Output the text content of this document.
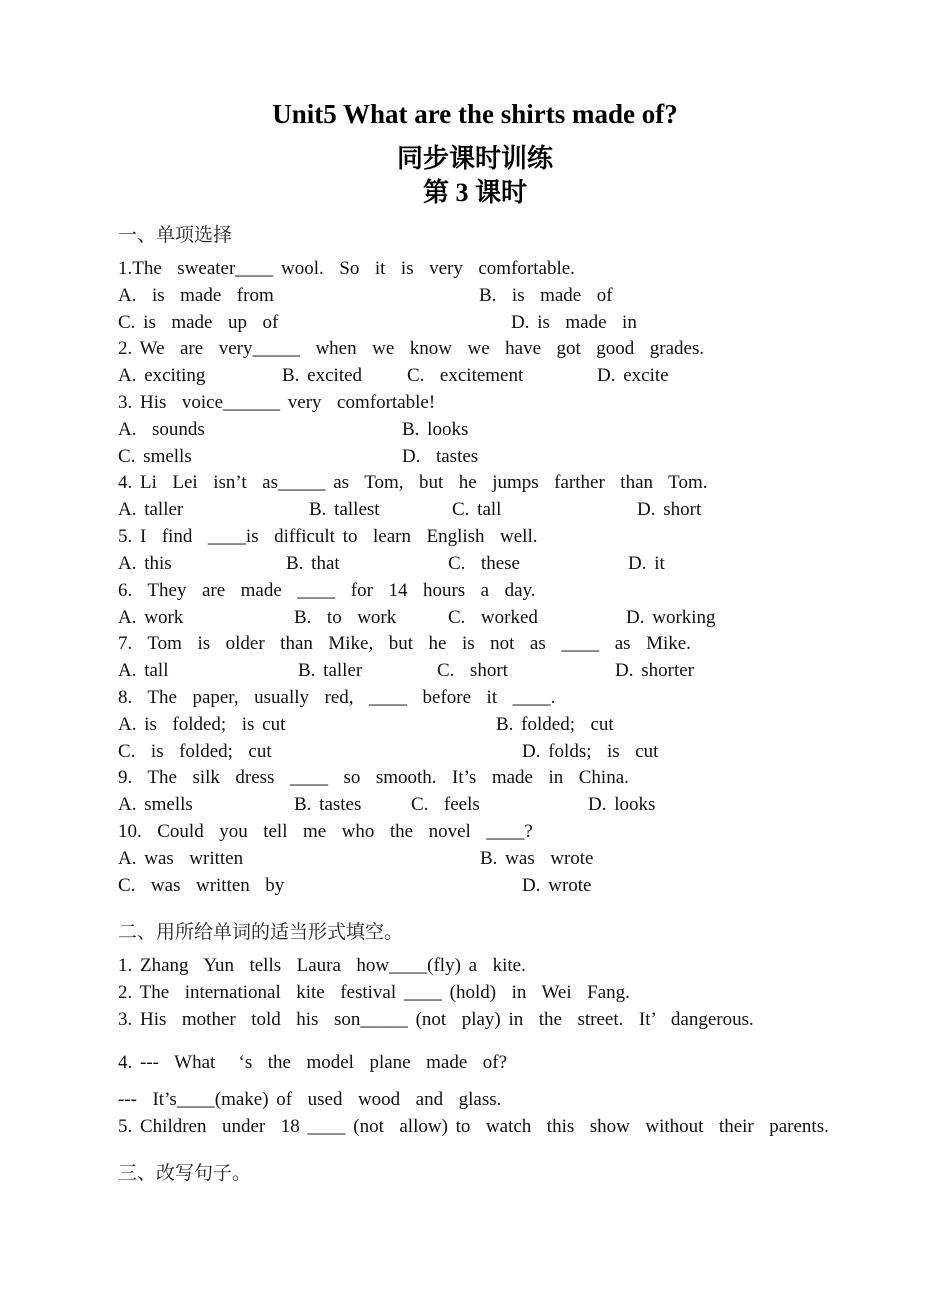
Unit5 What are the shirts made of?
同步课时训练
第 3 课时
一、单项选择
1.The  sweater____ wool.  So  it  is  very  comfortable.
A.  is  made  from	B.  is  made  of
C. is  made  up  of	D. is  made  in
2. We  are  very_____  when  we  know  we  have  got  good  grades.
A. exciting	B. excited C.  excitement	D. excite
3. His  voice______ very  comfortable!
A.  sounds	B. looks
C. smells	D.  tastes
4. Li  Lei  isn’t  as_____ as  Tom,  but  he  jumps  farther  than  Tom.
A. taller	B. tallest	C. tall	D. short
5. I  find  ____is  difficult to  learn  English  well.
A. this	B. that	C.  these	D. it
6.  They  are  made  ____  for  14  hours  a  day.
A. work	B.  to  work	C.  worked	D. working
7.  Tom  is  older  than  Mike,  but  he  is  not  as  ____  as  Mike.
A. tall	B. taller	C.  short	D. shorter
8.  The  paper,  usually  red,  ____  before  it  ____.
A. is  folded;  is cut	B. folded;  cut
C.  is  folded;  cut	D. folds;  is  cut
9.  The  silk  dress  ____  so  smooth.  It’s  made  in  China.
A. smells	B. tastes	C.  feels	D. looks
10.  Could  you  tell  me  who  the  novel  ____?
A. was  written	B. was  wrote
C.  was  written  by	D. wrote
二、用所给单词的适当形式填空。
1. Zhang  Yun  tells  Laura  how____(fly) a  kite.
2. The  international  kite  festival ____ (hold)  in  Wei  Fang.
3. His  mother  told  his  son_____ (not  play) in  the  street.  It’  dangerous.
4. ---  What   ‘s  the  model  plane  made  of?
---  It’s____(make) of  used  wood  and  glass.
5. Children  under  18 ____ (not  allow) to  watch  this  show  without  their  parents.
三、改写句子。
